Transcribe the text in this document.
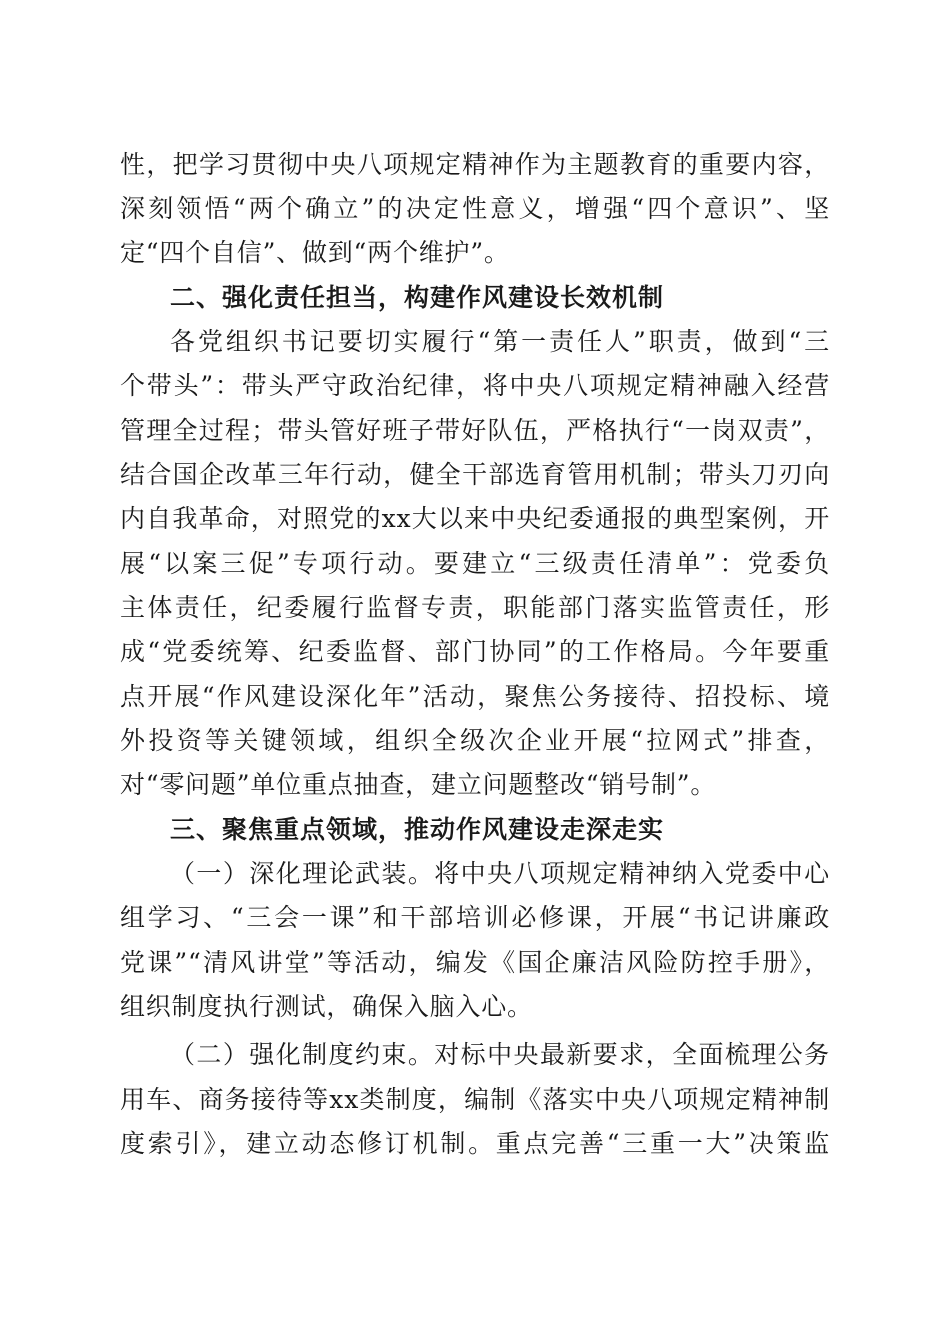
性，把学习贯彻中央八项规定精神作为主题教育的重要内容，
深刻领悟“两个确立”的决定性意义，增强“四个意识”、坚
定“四个自信”、做到“两个维护”。
二、强化责任担当，构建作风建设长效机制
各党组织书记要切实履行“第一责任人”职责，做到“三
个带头”：带头严守政治纪律，将中央八项规定精神融入经营
管理全过程；带头管好班子带好队伍，严格执行“一岗双责”，
结合国企改革三年行动，健全干部选育管用机制；带头刀刃向
内自我革命，对照党的xx大以来中央纪委通报的典型案例，开
展“以案三促”专项行动。要建立“三级责任清单”：党委负
主体责任，纪委履行监督专责，职能部门落实监管责任，形
成“党委统筹、纪委监督、部门协同”的工作格局。今年要重
点开展“作风建设深化年”活动，聚焦公务接待、招投标、境
外投资等关键领域，组织全级次企业开展“拉网式”排查，
对“零问题”单位重点抽查，建立问题整改“销号制”。
三、聚焦重点领域，推动作风建设走深走实
（一）深化理论武装。将中央八项规定精神纳入党委中心
组学习、“三会一课”和干部培训必修课，开展“书记讲廉政
党课”“清风讲堂”等活动，编发《国企廉洁风险防控手册》，
组织制度执行测试，确保入脑入心。
（二）强化制度约束。对标中央最新要求，全面梳理公务
用车、商务接待等xx类制度，编制《落实中央八项规定精神制
度索引》，建立动态修订机制。重点完善“三重一大”决策监
